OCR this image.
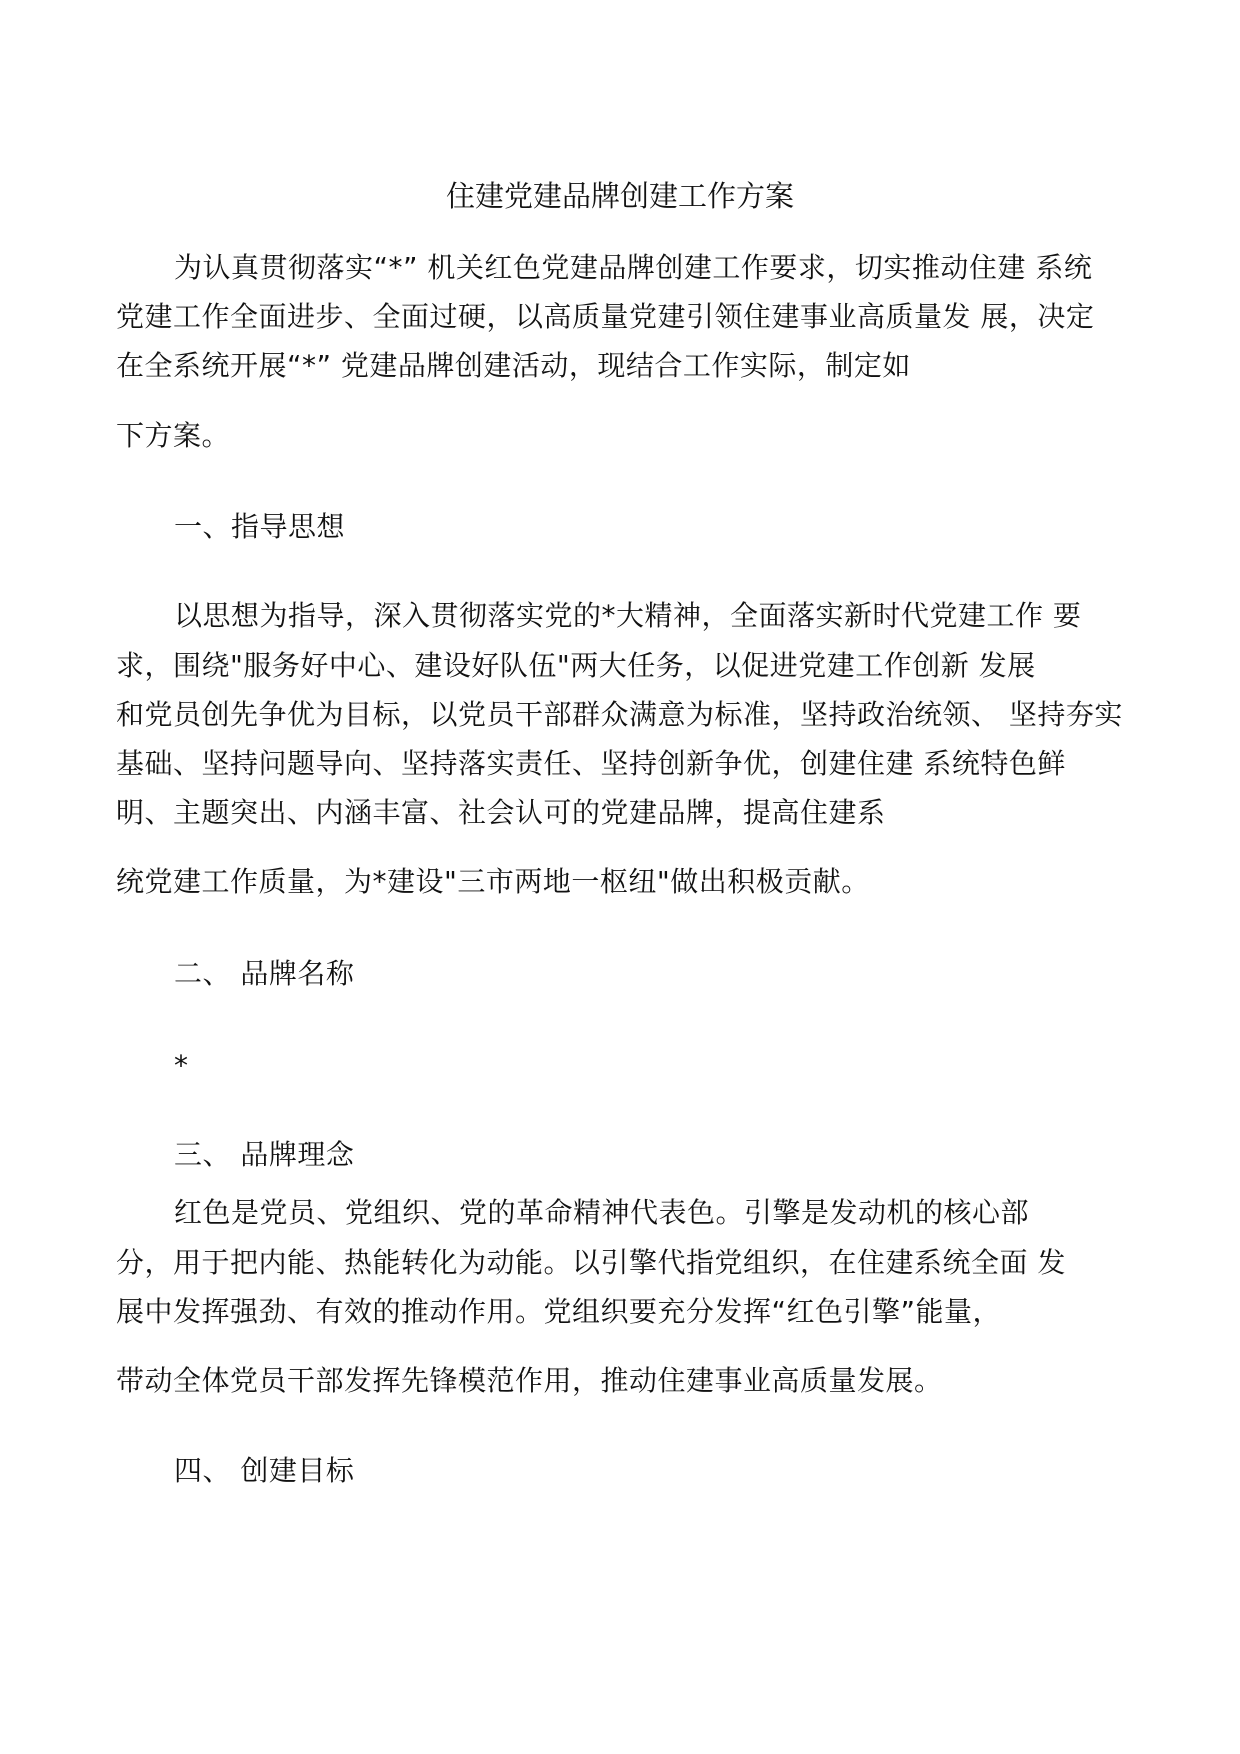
住建党建品牌创建工作方案
为认真贯彻落实“*” 机关红色党建品牌创建工作要求，切实推动住建 系统
党建工作全面进步、全面过硬，以高质量党建引领住建事业高质量发 展，决定
在全系统开展“*” 党建品牌创建活动，现结合工作实际，制定如
下方案。
一、指导思想
以思想为指导，深入贯彻落实党的*大精神，全面落实新时代党建工作 要
求，围绕"服务好中心、建设好队伍"两大任务，以促进党建工作创新 发展
和党员创先争优为目标，以党员干部群众满意为标准，坚持政治统领、 坚持夯实
基础、坚持问题导向、坚持落实责任、坚持创新争优，创建住建 系统特色鲜
明、主题突出、内涵丰富、社会认可的党建品牌，提高住建系
统党建工作质量，为*建设"三市两地一枢纽"做出积极贡献。
二、 品牌名称
*
三、 品牌理念
红色是党员、党组织、党的革命精神代表色。引擎是发动机的核心部
分，用于把内能、热能转化为动能。以引擎代指党组织，在住建系统全面 发
展中发挥强劲、有效的推动作用。党组织要充分发挥“红色引擎”能量，
带动全体党员干部发挥先锋模范作用，推动住建事业高质量发展。
四、 创建目标
